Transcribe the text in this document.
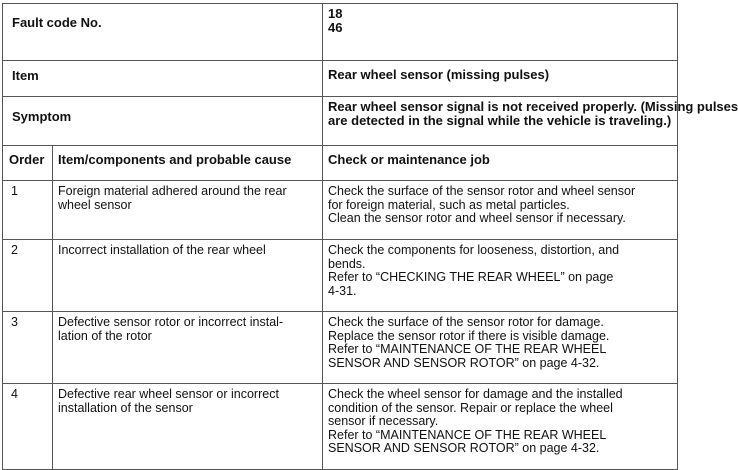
Fault code No.		18
46

Item		Rear wheel sensor (missing pulses)
Symptom		Rear wheel sensor signal is not received properly. (Missing pulses
are detected in the signal while the vehicle is traveling.)

Order	Item/components and probable cause	Check or maintenance job
1	Foreign material adhered around the rear
wheel sensor	Check the surface of the sensor rotor and wheel sensor
for foreign material, such as metal particles.
Clean the sensor rotor and wheel sensor if necessary.

2	Incorrect installation of the rear wheel	Check the components for looseness, distortion, and
bends.
Refer to “CHECKING THE REAR WHEEL” on page
4-31.

3	Defective sensor rotor or incorrect instal-
lation of the rotor	Check the surface of the sensor rotor for damage.
Replace the sensor rotor if there is visible damage.
Refer to “MAINTENANCE OF THE REAR WHEEL
SENSOR AND SENSOR ROTOR” on page 4-32.

4	Defective rear wheel sensor or incorrect
installation of the sensor	Check the wheel sensor for damage and the installed
condition of the sensor. Repair or replace the wheel
sensor if necessary.
Refer to “MAINTENANCE OF THE REAR WHEEL
SENSOR AND SENSOR ROTOR” on page 4-32.
